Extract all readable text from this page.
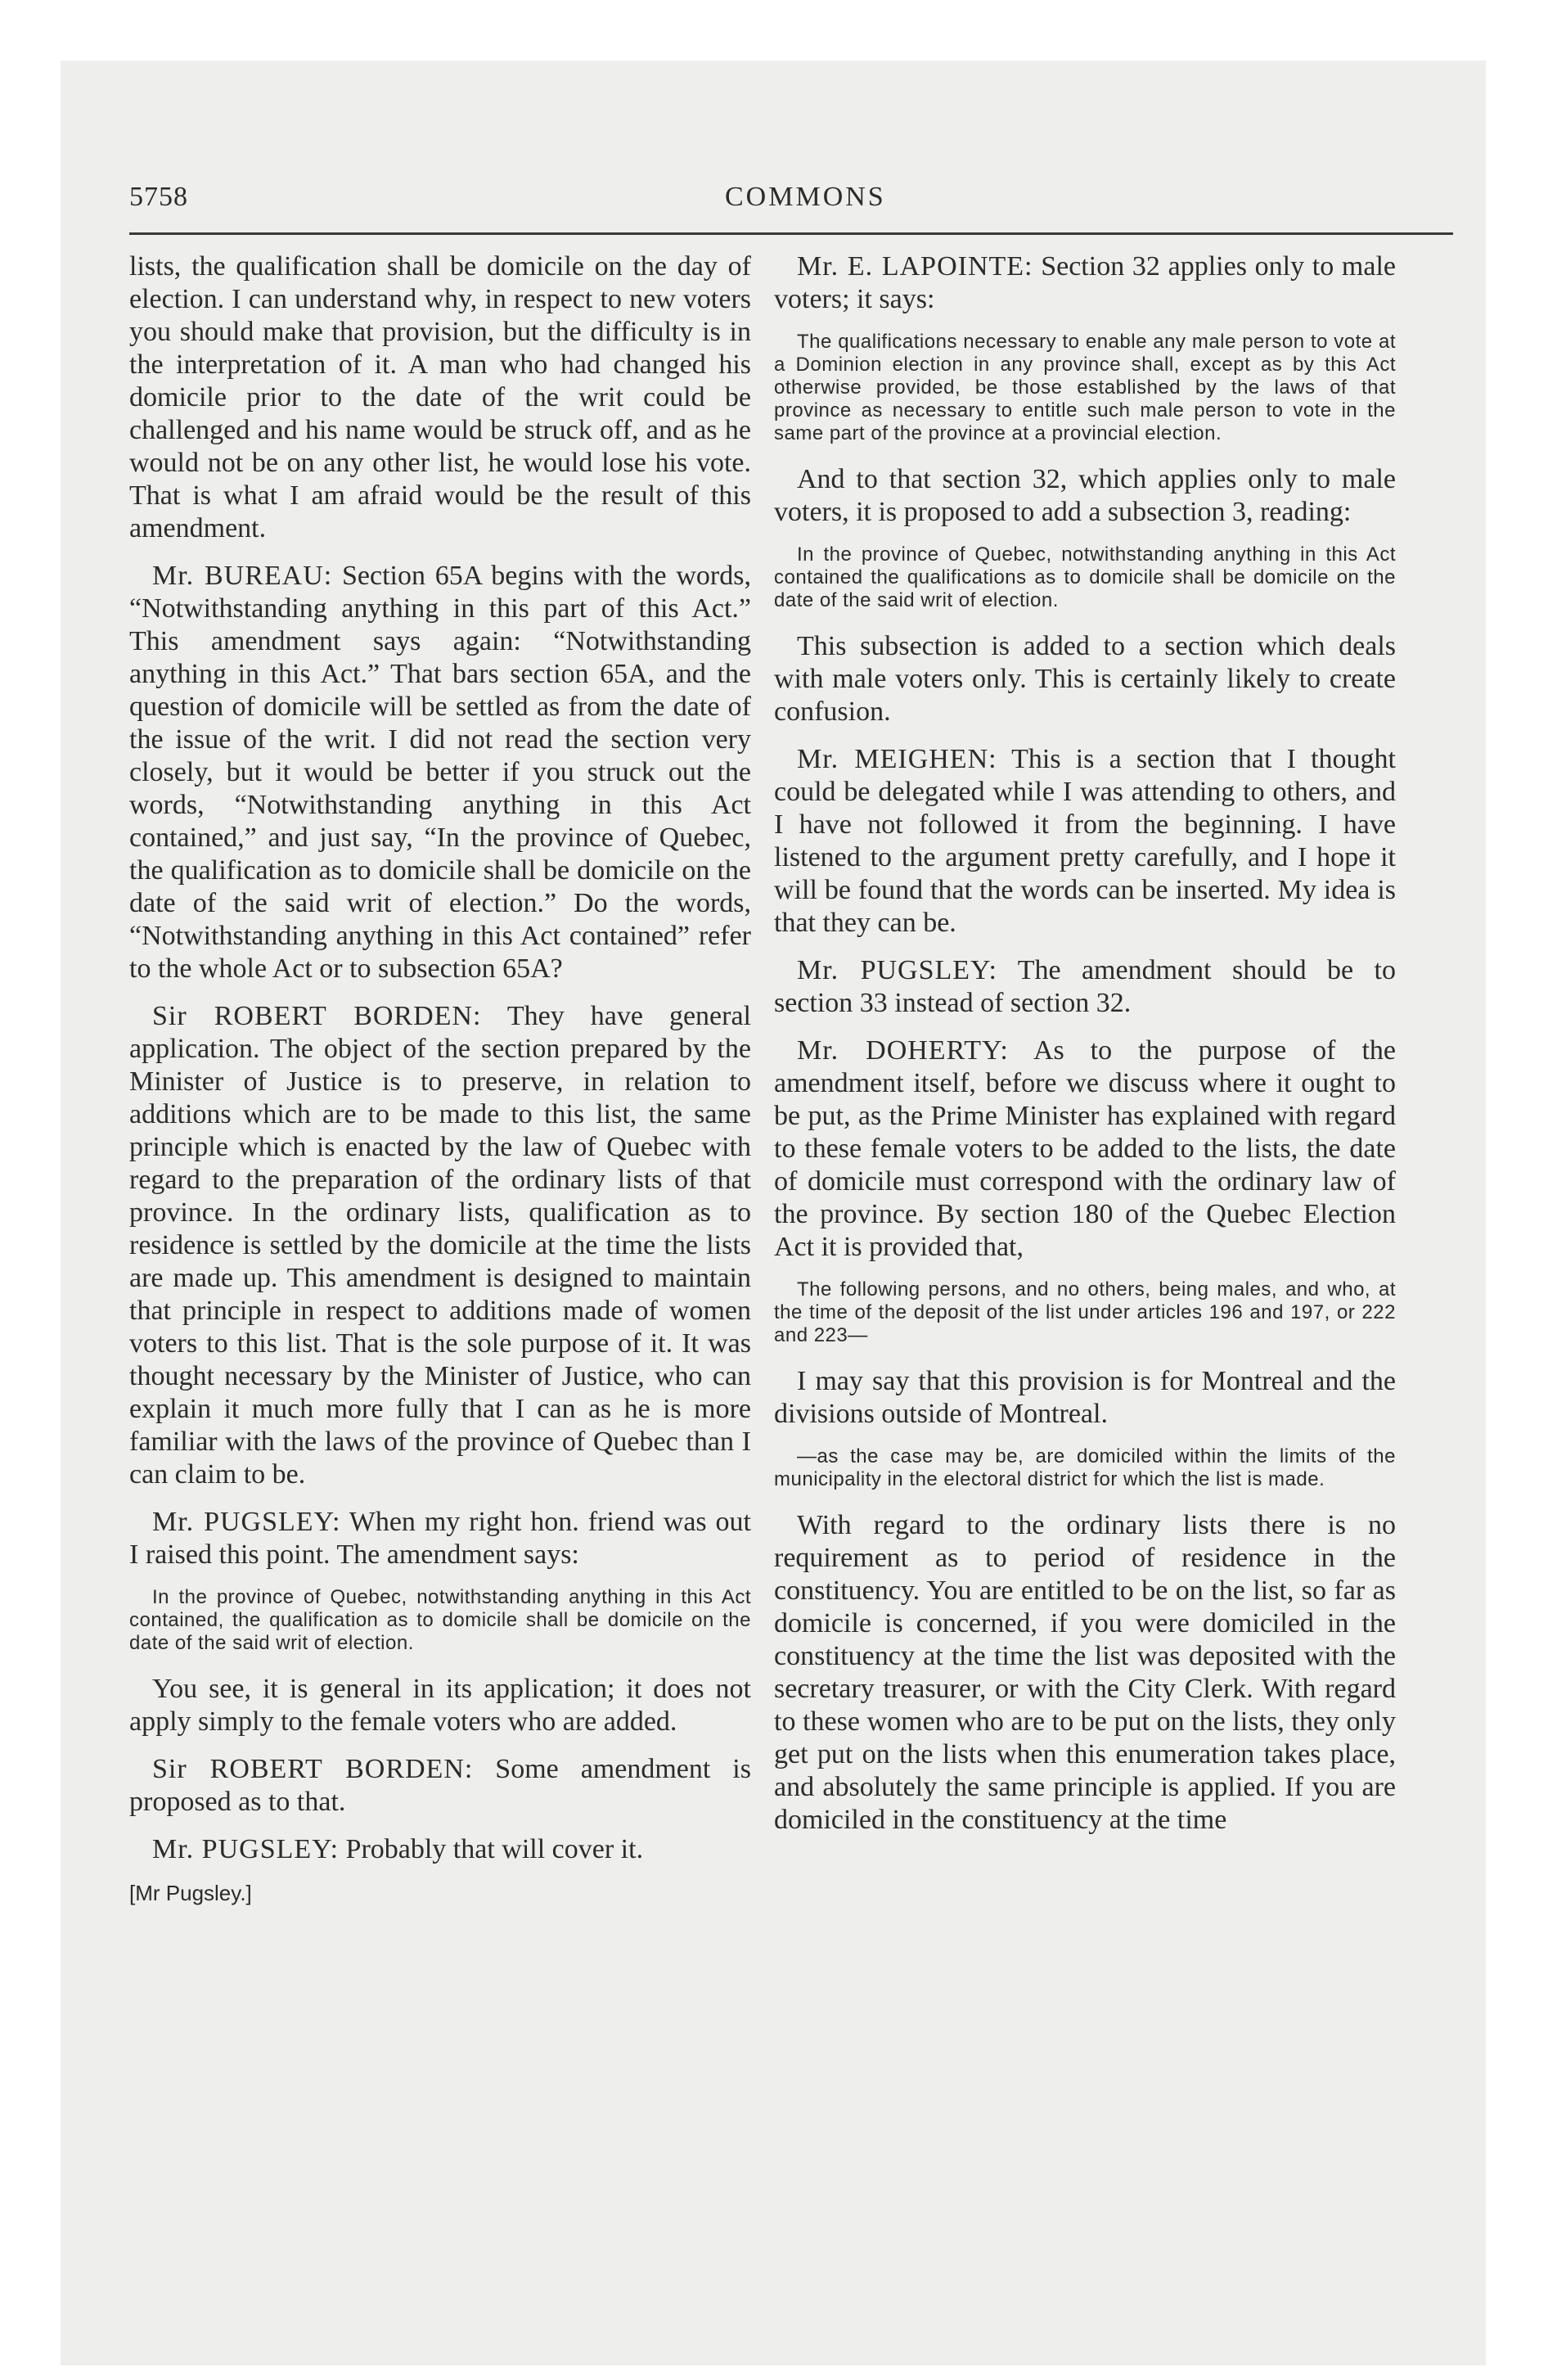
5758	COMMONS

lists, the qualification shall be domicile on the day of election. I can understand why, in respect to new voters you should make that provision, but the difficulty is in the interpretation of it. A man who had changed his domicile prior to the date of the writ could be challenged and his name would be struck off, and as he would not be on any other list, he would lose his vote. That is what I am afraid would be the result of this amendment.

Mr. BUREAU: Section 65A begins with the words, “Notwithstanding anything in this part of this Act.” This amendment says again: “Notwithstanding anything in this Act.” That bars section 65A, and the question of domicile will be settled as from the date of the issue of the writ. I did not read the section very closely, but it would be better if you struck out the words, “Notwithstanding anything in this Act contained,” and just say, “In the province of Quebec, the qualification as to domicile shall be domicile on the date of the said writ of election.” Do the words, “Notwithstanding anything in this Act contained” refer to the whole Act or to subsection 65A?

Sir ROBERT BORDEN: They have general application. The object of the section prepared by the Minister of Justice is to preserve, in relation to additions which are to be made to this list, the same principle which is enacted by the law of Quebec with regard to the preparation of the ordinary lists of that province. In the ordinary lists, qualification as to residence is settled by the domicile at the time the lists are made up. This amendment is designed to maintain that principle in respect to additions made of women voters to this list. That is the sole purpose of it. It was thought necessary by the Minister of Justice, who can explain it much more fully that I can as he is more familiar with the laws of the province of Quebec than I can claim to be.

Mr. PUGSLEY: When my right hon. friend was out I raised this point. The amendment says:

In the province of Quebec, notwithstanding anything in this Act contained, the qualification as to domicile shall be domicile on the date of the said writ of election.

You see, it is general in its application; it does not apply simply to the female voters who are added.

Sir ROBERT BORDEN: Some amendment is proposed as to that.

Mr. PUGSLEY: Probably that will cover it.

[Mr Pugsley.]

Mr. E. LAPOINTE: Section 32 applies only to male voters; it says:

The qualifications necessary to enable any male person to vote at a Dominion election in any province shall, except as by this Act otherwise provided, be those established by the laws of that province as necessary to entitle such male person to vote in the same part of the province at a provincial election.

And to that section 32, which applies only to male voters, it is proposed to add a subsection 3, reading:

In the province of Quebec, notwithstanding anything in this Act contained the qualifications as to domicile shall be domicile on the date of the said writ of election.

This subsection is added to a section which deals with male voters only. This is certainly likely to create confusion.

Mr. MEIGHEN: This is a section that I thought could be delegated while I was attending to others, and I have not followed it from the beginning. I have listened to the argument pretty carefully, and I hope it will be found that the words can be inserted. My idea is that they can be.

Mr. PUGSLEY: The amendment should be to section 33 instead of section 32.

Mr. DOHERTY: As to the purpose of the amendment itself, before we discuss where it ought to be put, as the Prime Minister has explained with regard to these female voters to be added to the lists, the date of domicile must correspond with the ordinary law of the province. By section 180 of the Quebec Election Act it is provided that,

The following persons, and no others, being males, and who, at the time of the deposit of the list under articles 196 and 197, or 222 and 223—

I may say that this provision is for Montreal and the divisions outside of Montreal.

—as the case may be, are domiciled within the limits of the municipality in the electoral district for which the list is made.

With regard to the ordinary lists there is no requirement as to period of residence in the constituency. You are entitled to be on the list, so far as domicile is concerned, if you were domiciled in the constituency at the time the list was deposited with the secretary treasurer, or with the City Clerk. With regard to these women who are to be put on the lists, they only get put on the lists when this enumeration takes place, and absolutely the same principle is applied. If you are domiciled in the constituency at the time
